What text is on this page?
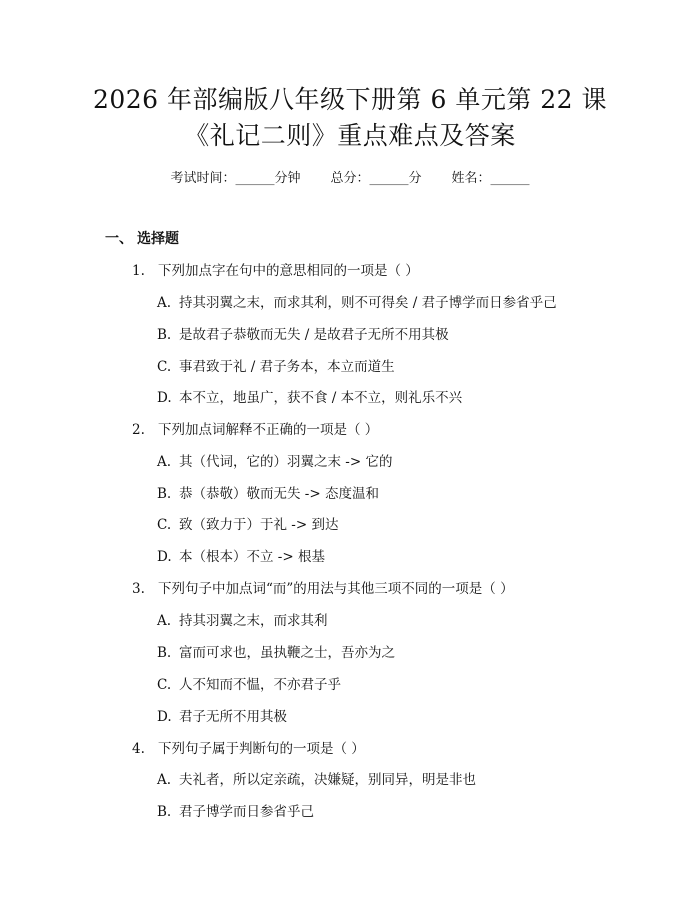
2026 年部编版八年级下册第 6 单元第 22 课
《礼记二则》重点难点及答案
考试时间：______分钟 总分：______分 姓名：______
一、 选择题
1. 下列加点字在句中的意思相同的一项是（ ）
A. 持其羽翼之末，而求其利，则不可得矣 / 君子博学而日参省乎己
B. 是故君子恭敬而无失 / 是故君子无所不用其极
C. 事君致于礼 / 君子务本，本立而道生
D. 本不立，地虽广，获不食 / 本不立，则礼乐不兴
2. 下列加点词解释不正确的一项是（ ）
A. 其（代词，它的）羽翼之末 -> 它的
B. 恭（恭敬）敬而无失 -> 态度温和
C. 致（致力于）于礼 -> 到达
D. 本（根本）不立 -> 根基
3. 下列句子中加点词“而”的用法与其他三项不同的一项是（ ）
A. 持其羽翼之末，而求其利
B. 富而可求也，虽执鞭之士，吾亦为之
C. 人不知而不愠，不亦君子乎
D. 君子无所不用其极
4. 下列句子属于判断句的一项是（ ）
A. 夫礼者，所以定亲疏，决嫌疑，别同异，明是非也
B. 君子博学而日参省乎己
